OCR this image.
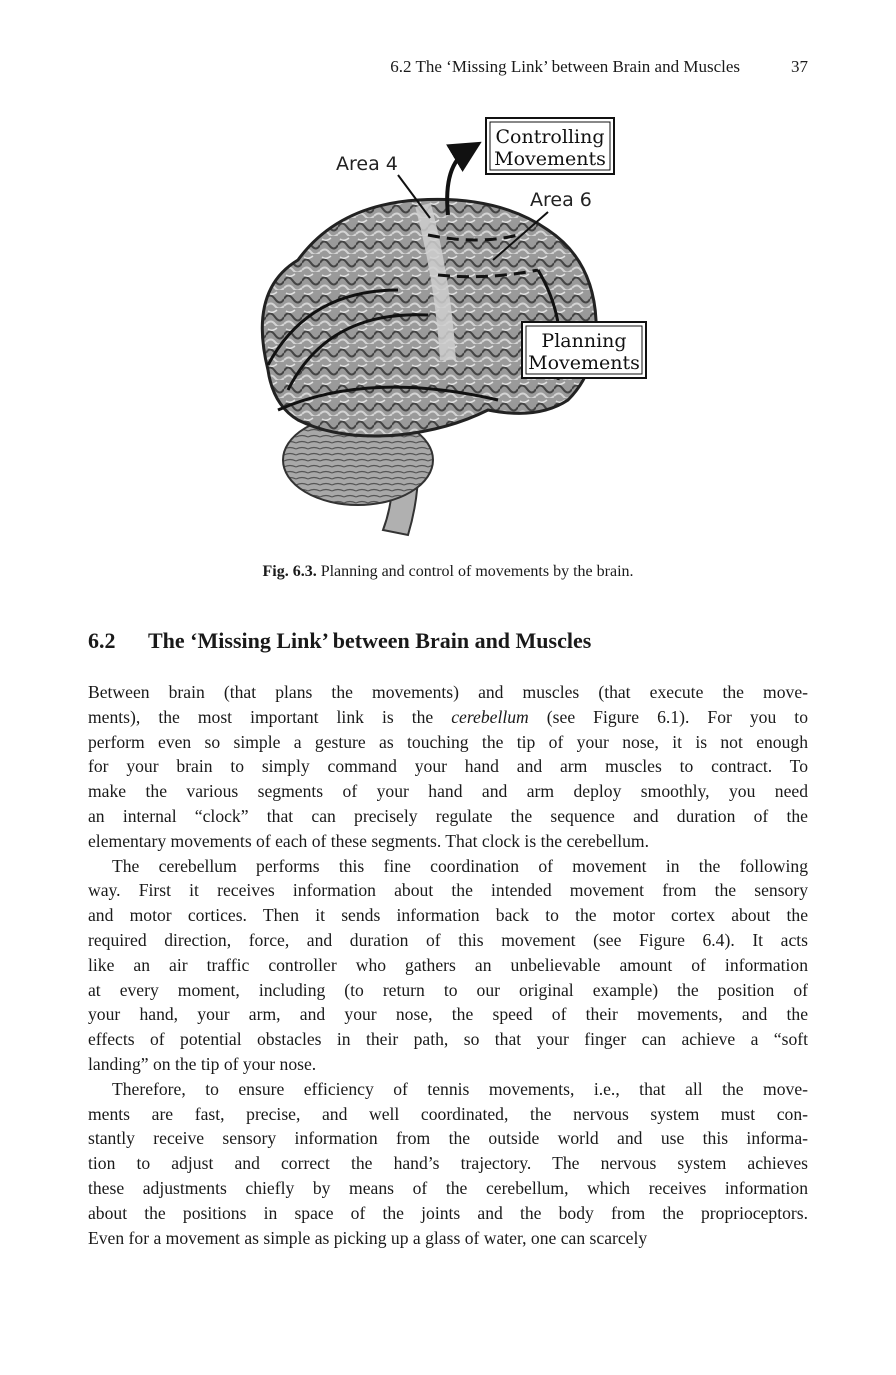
6.2 The ‘Missing Link’ between Brain and Muscles	37
Area 4
Area 6
Controlling
Movements
Planning
Movements
Fig. 6.3. Planning and control of movements by the brain.
6.2 The ‘Missing Link’ between Brain and Muscles

Between brain (that plans the movements) and muscles (that execute the move-
ments), the most important link is the cerebellum (see Figure 6.1). For you to
perform even so simple a gesture as touching the tip of your nose, it is not enough
for your brain to simply command your hand and arm muscles to contract. To
make the various segments of your hand and arm deploy smoothly, you need
an internal “clock” that can precisely regulate the sequence and duration of the
elementary movements of each of these segments. That clock is the cerebellum.

The cerebellum performs this fine coordination of movement in the following
way. First it receives information about the intended movement from the sensory
and motor cortices. Then it sends information back to the motor cortex about the
required direction, force, and duration of this movement (see Figure 6.4). It acts
like an air traffic controller who gathers an unbelievable amount of information
at every moment, including (to return to our original example) the position of
your hand, your arm, and your nose, the speed of their movements, and the
effects of potential obstacles in their path, so that your finger can achieve a “soft
landing” on the tip of your nose.

Therefore, to ensure efficiency of tennis movements, i.e., that all the move-
ments are fast, precise, and well coordinated, the nervous system must con-
stantly receive sensory information from the outside world and use this informa-
tion to adjust and correct the hand’s trajectory. The nervous system achieves
these adjustments chiefly by means of the cerebellum, which receives information
about the positions in space of the joints and the body from the proprioceptors.
Even for a movement as simple as picking up a glass of water, one can scarcely
